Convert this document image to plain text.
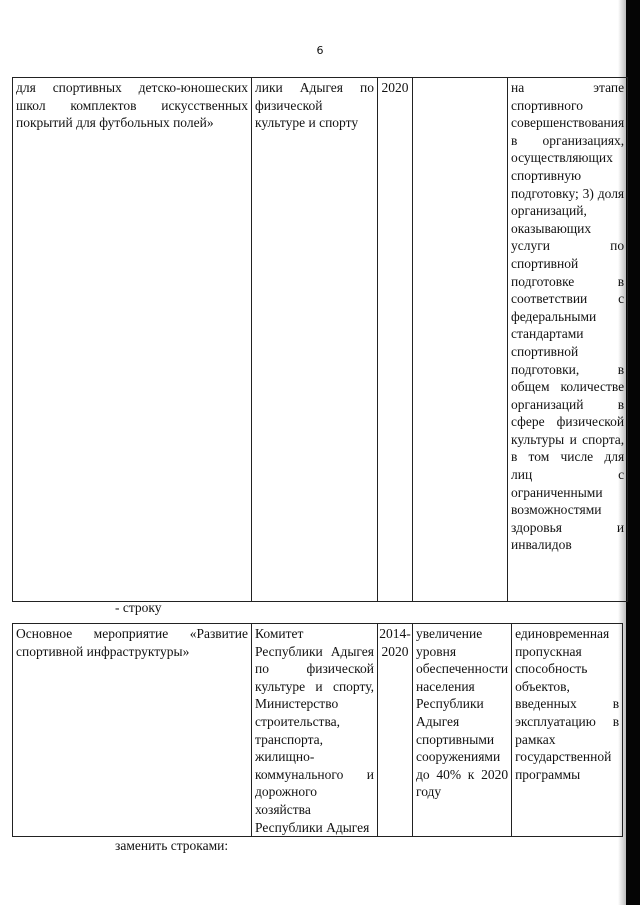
6
для спортивных детско-юношеских школ комплектов искусственных покрытий для футбольных полей»	лики Адыгея по физической культуре и спорту	2020		на этапе спортивного совершенствования в организациях, осуществляющих спортивную подготовку; 3) доля организаций, оказывающих услуги по спортивной подготовке в соответствии с федеральными стандартами спортивной подготовки, в общем количестве организаций в сфере физической культуры и спорта, в том числе для лиц с ограниченными возможностями здоровья и инвалидов
- строку
Основное мероприятие «Развитие спортивной инфраструктуры»	Комитет Республики Адыгея по физической культуре и спорту, Министерство строительства, транспорта, жилищно-коммунального и дорожного хозяйства Республики Адыгея	2014-2020	увеличение уровня обеспеченности населения Республики Адыгея спортивными сооружениями до 40% к 2020 году	единовременная пропускная способность объектов, введенных в эксплуатацию в рамках государственной программы
заменить строками:
